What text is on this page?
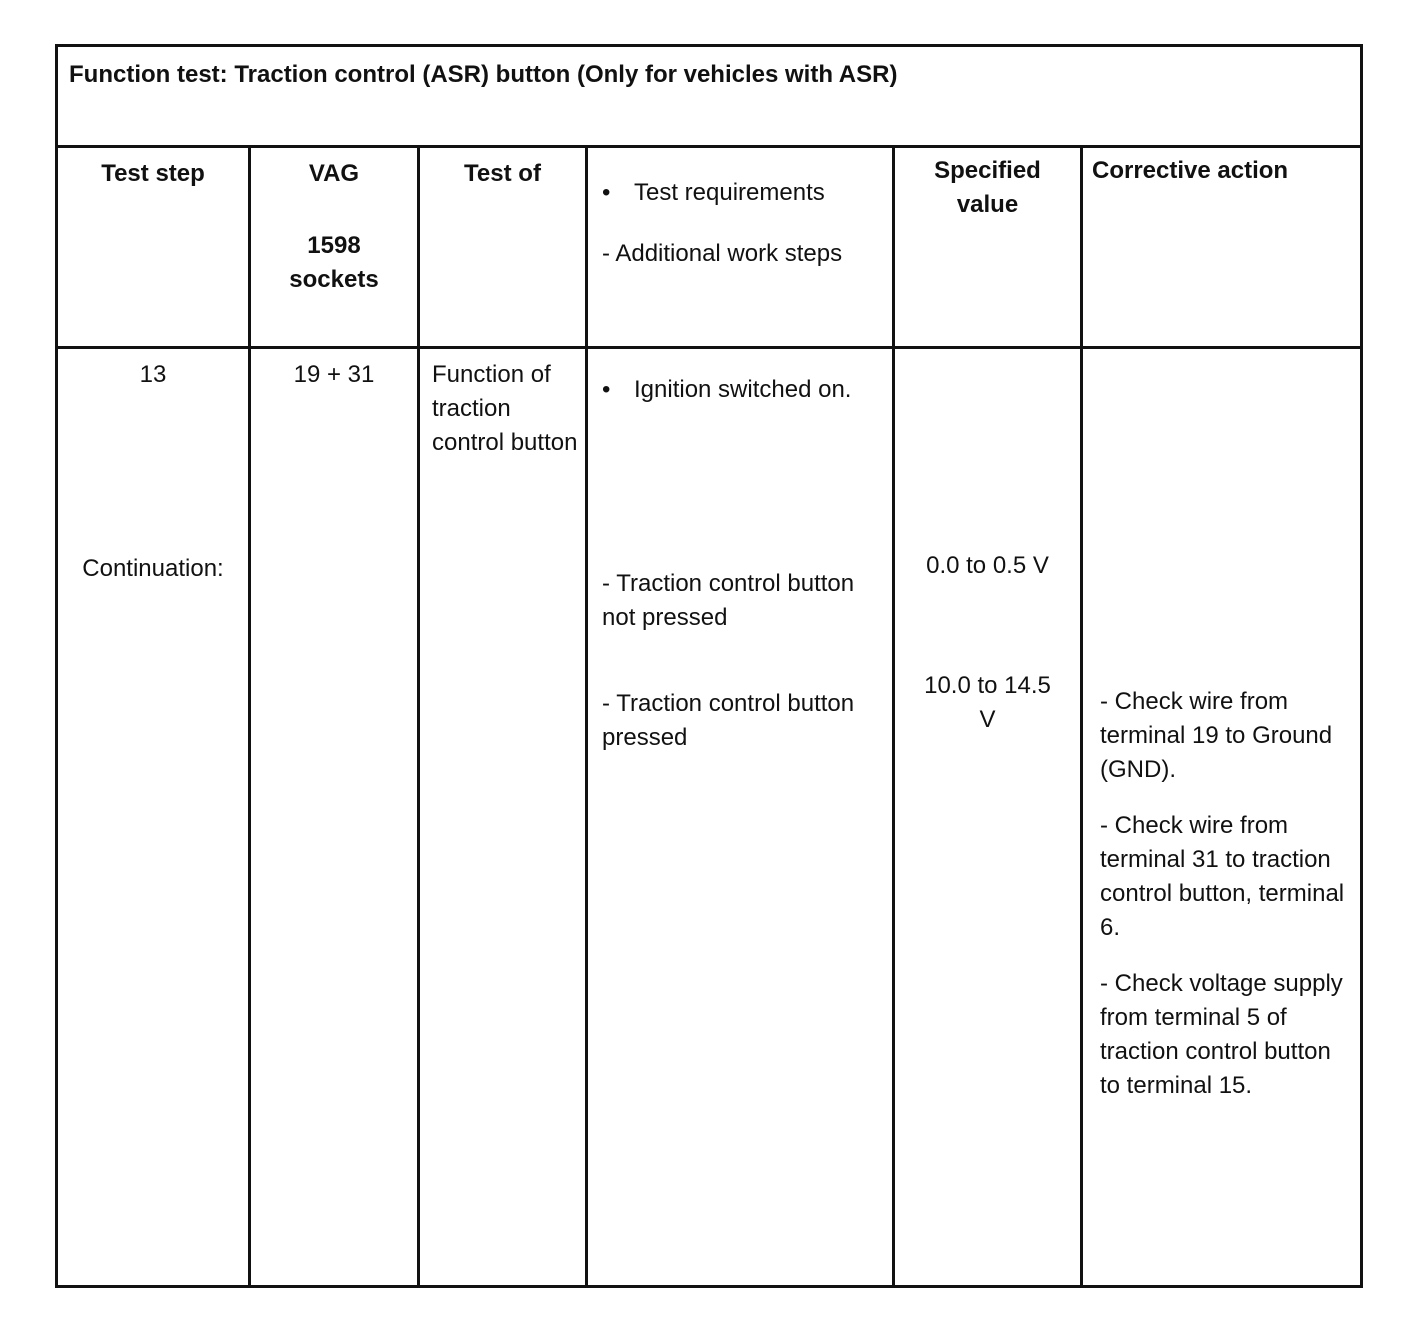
Function test: Traction control (ASR) button (Only for vehicles with ASR)
Test step	VAG
1598
sockets
Test of
• Test requirements
- Additional work steps
Specified
value
Corrective action
13
Continuation:
19 + 31	Function of traction control button
• Ignition switched on.
- Traction control button not pressed
- Traction control button pressed
0.0 to 0.5 V
10.0 to 14.5 V

- Check wire from terminal 19 to Ground (GND).

- Check wire from terminal 31 to traction control button, terminal 6.

- Check voltage supply from terminal 5 of traction control button to terminal 15.
